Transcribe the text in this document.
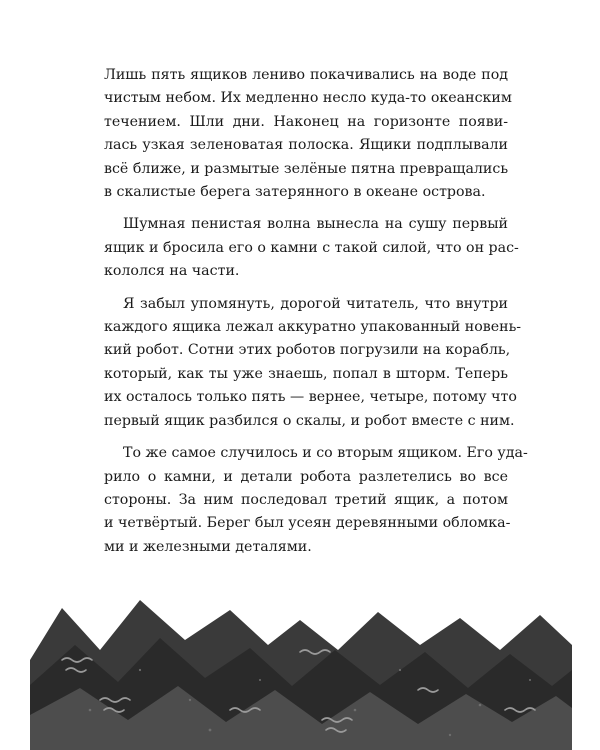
Лишь пять ящиков лениво покачивались на воде под
чистым небом. Их медленно несло куда-то океанским
течением. Шли дни. Наконец на горизонте появи-
лась узкая зеленоватая полоска. Ящики подплывали
всё ближе, и размытые зелёные пятна превращались
в скалистые берега затерянного в океане острова.
Шумная пенистая волна вынесла на сушу первый
ящик и бросила его о камни с такой силой, что он рас-
кололся на части.
Я забыл упомянуть, дорогой читатель, что внутри
каждого ящика лежал аккуратно упакованный новень-
кий робот. Сотни этих роботов погрузили на корабль,
который, как ты уже знаешь, попал в шторм. Теперь
их осталось только пять — вернее, четыре, потому что
первый ящик разбился о скалы, и робот вместе с ним.
То же самое случилось и со вторым ящиком. Его уда-
рило о камни, и детали робота разлетелись во все
стороны. За ним последовал третий ящик, а потом
и четвёртый. Берег был усеян деревянными обломка-
ми и железными деталями.
